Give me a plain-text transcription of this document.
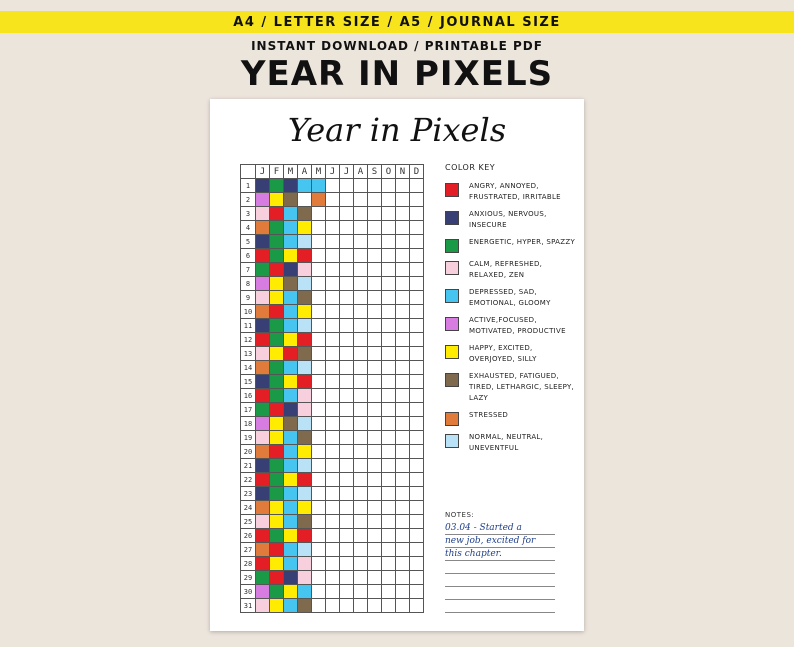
A4 / LETTER SIZE / A5 / JOURNAL SIZE
INSTANT DOWNLOAD / PRINTABLE PDF
YEAR IN PIXELS
Year in Pixels
J F M A M J J A S O N D
1
2
3
4
5
6
7
8
9
10
11
12
13
14
15
16
17
18
19
20
21
22
23
24
25
26
27
28
29
30
31
COLOR KEY
ANGRY, ANNOYED, FRUSTRATED, IRRITABLE
ANXIOUS, NERVOUS, INSECURE
ENERGETIC, HYPER, SPAZZY
CALM, REFRESHED, RELAXED, ZEN
DEPRESSED, SAD, EMOTIONAL, GLOOMY
ACTIVE,FOCUSED, MOTIVATED, PRODUCTIVE
HAPPY, EXCITED, OVERJOYED, SILLY
EXHAUSTED, FATIGUED, TIRED, LETHARGIC, SLEEPY, LAZY
STRESSED
NORMAL, NEUTRAL, UNEVENTFUL
NOTES:
03.04 - Started a
new job, excited for
this chapter.
